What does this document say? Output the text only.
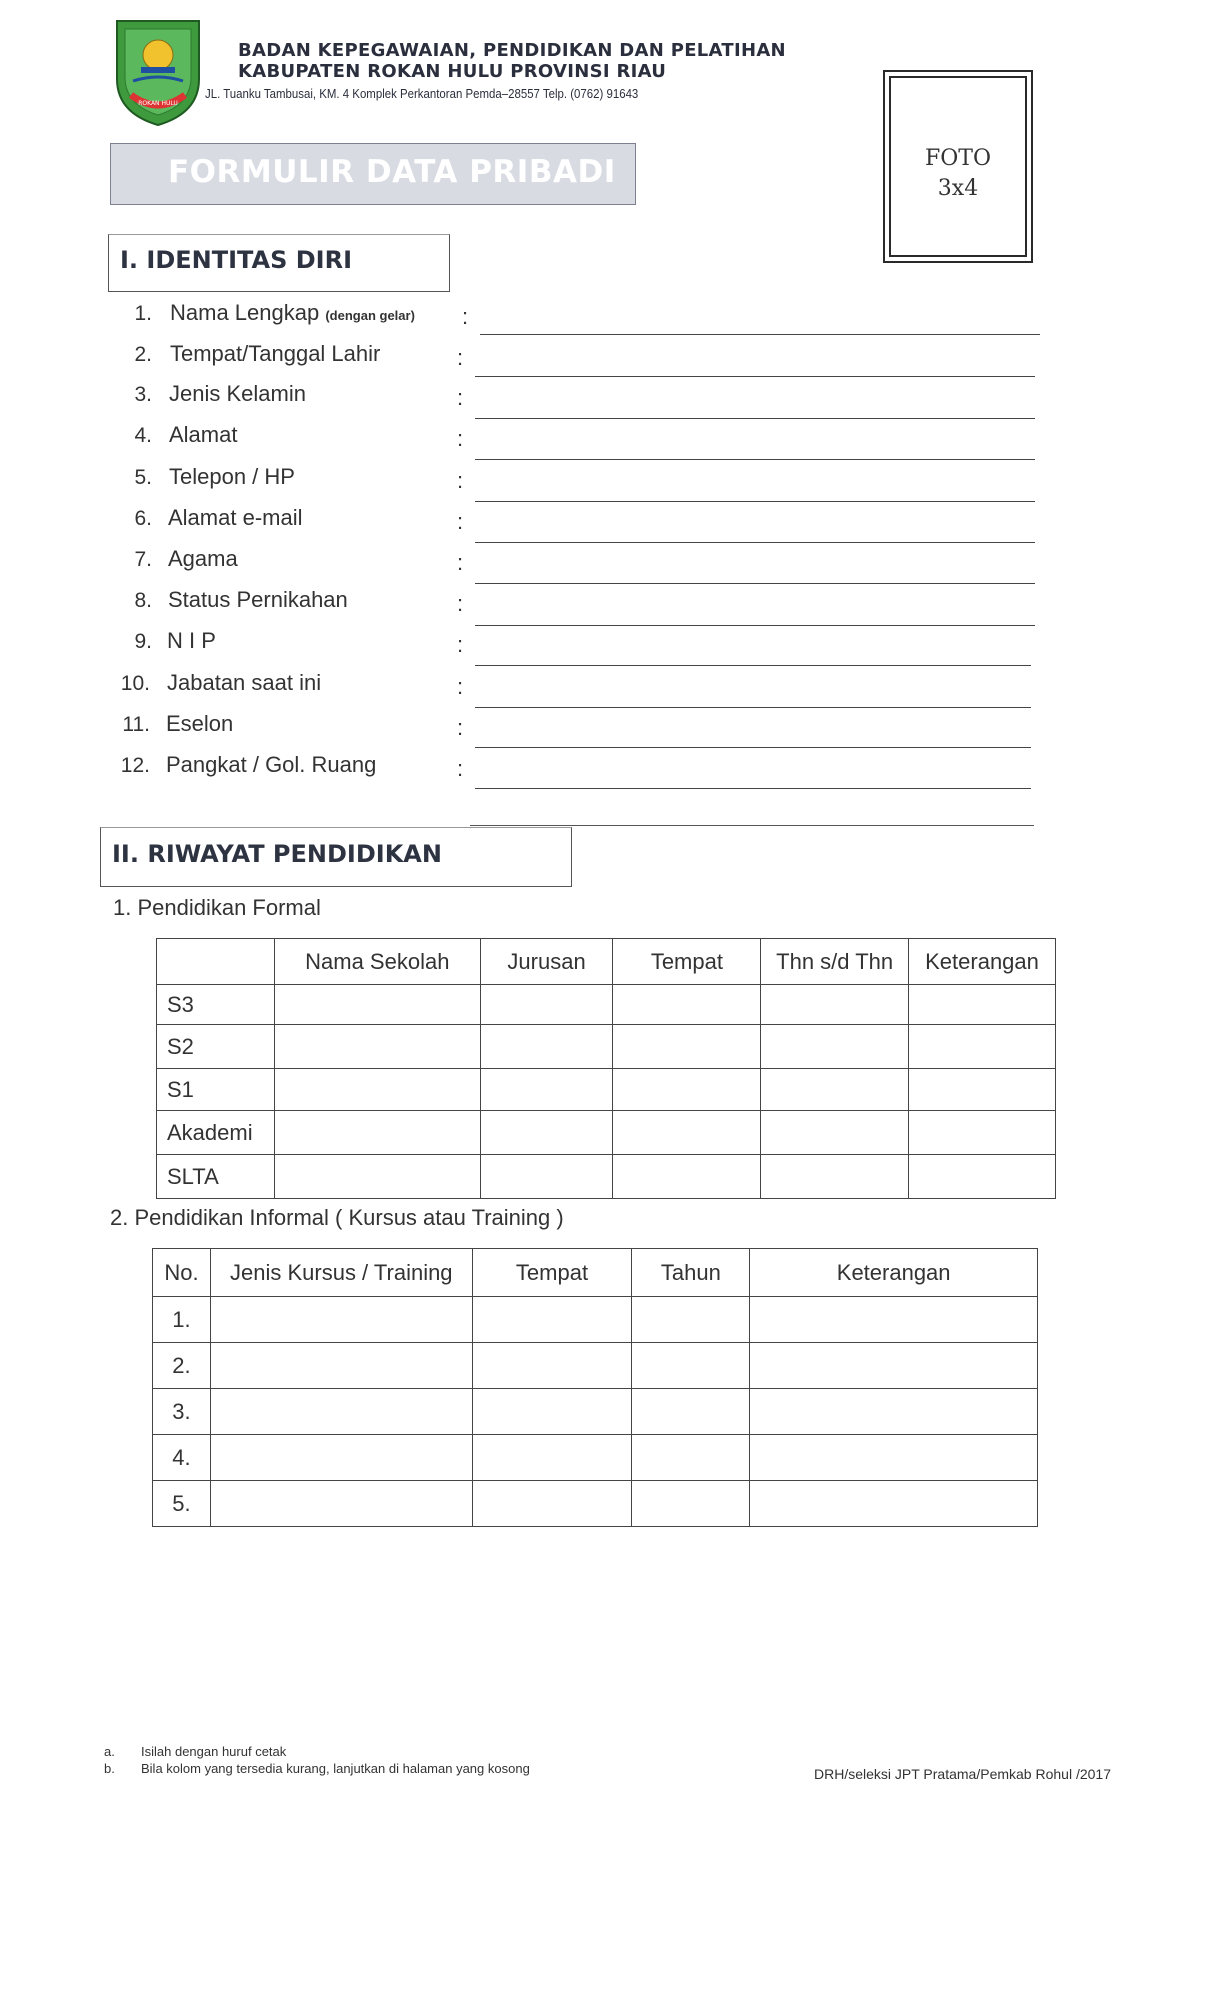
ROKAN HULU
BADAN KEPEGAWAIAN, PENDIDIKAN DAN PELATIHAN
KABUPATEN ROKAN HULU PROVINSI RIAU
JL. Tuanku Tambusai, KM. 4 Komplek Perkantoran Pemda–28557 Telp. (0762) 91643
FORMULIR DATA PRIBADI	FOTO
3x4
I. IDENTITAS DIRI
1. Nama Lengkap (dengan gelar) :
2. Tempat/Tanggal Lahir	:
3. Jenis Kelamin	:
4. Alamat	:
5. Telepon / HP	:
6. Alamat e-mail	:
7. Agama	:
8. Status Pernikahan	:
9. N I P	:
10. Jabatan saat ini	:
11. Eselon	:
12. Pangkat / Gol. Ruang	:
II. RIWAYAT PENDIDIKAN
1. Pendidikan Formal
	Nama Sekolah	Jurusan	Tempat	Thn s/d Thn	Keterangan
S3					
S2					
S1					
Akademi					
SLTA					
2. Pendidikan Informal ( Kursus atau Training )
No.	Jenis Kursus / Training	Tempat	Tahun	Keterangan
1.				
2.				
3.				
4.				
5.				
a. Isilah dengan huruf cetak
b. Bila kolom yang tersedia kurang, lanjutkan di halaman yang kosong	DRH/seleksi JPT Pratama/Pemkab Rohul /2017
